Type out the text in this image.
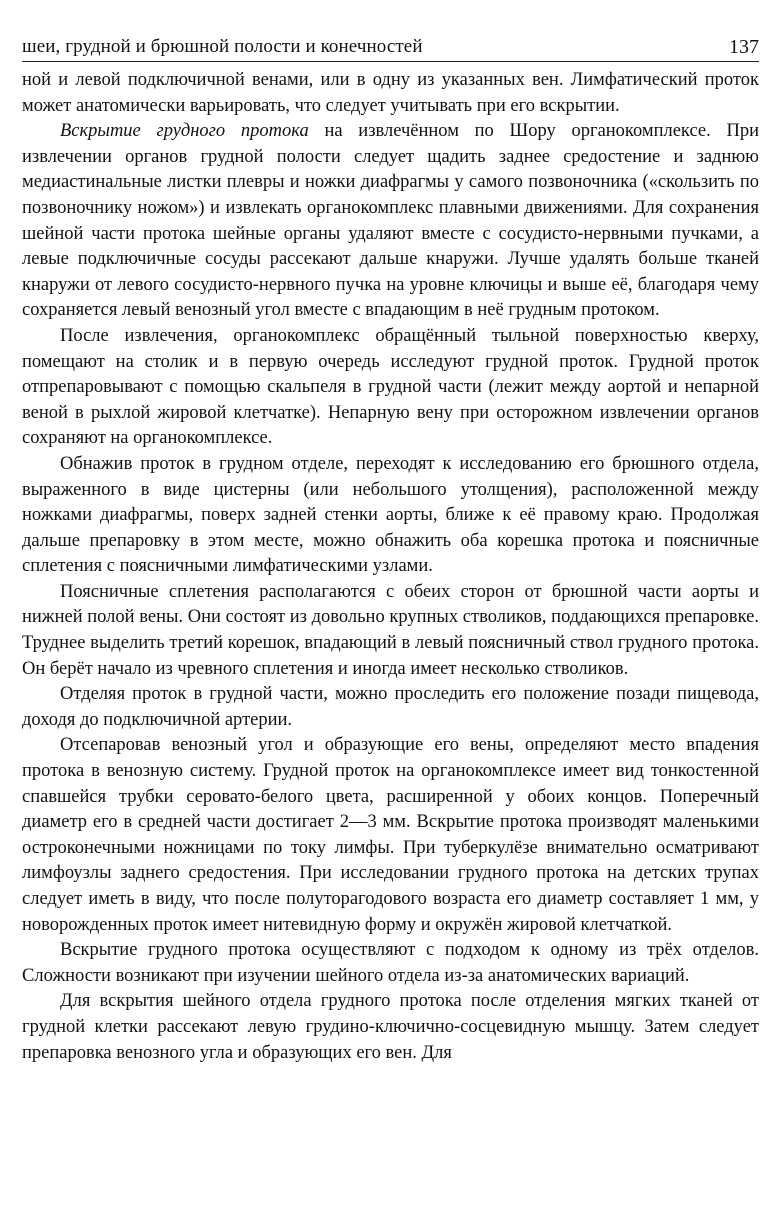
шеи, грудной и брюшной полости и конечностей	137

ной и левой подключичной венами, или в одну из указанных вен. Лимфатический проток может анатомически варьировать, что следует учитывать при его вскрытии.

Вскрытие грудного протока на извлечённом по Шору органокомплексе. При извлечении органов грудной полости следует щадить заднее средостение и заднюю медиастинальные листки плевры и ножки диафрагмы у самого позвоночника («скользить по позвоночнику ножом») и извлекать органокомплекс плавными движениями. Для сохранения шейной части протока шейные органы удаляют вместе с сосудисто-нервными пучками, а левые подключичные сосуды рассекают дальше кнаружи. Лучше удалять больше тканей кнаружи от левого сосудисто-нервного пучка на уровне ключицы и выше её, благодаря чему сохраняется левый венозный угол вместе с впадающим в неё грудным протоком.

После извлечения, органокомплекс обращённый тыльной поверхностью кверху, помещают на столик и в первую очередь исследуют грудной проток. Грудной проток отпрепаровывают с помощью скальпеля в грудной части (лежит между аортой и непарной веной в рыхлой жировой клетчатке). Непарную вену при осторожном извлечении органов сохраняют на органокомплексе.

Обнажив проток в грудном отделе, переходят к исследованию его брюшного отдела, выраженного в виде цистерны (или небольшого утолщения), расположенной между ножками диафрагмы, поверх задней стенки аорты, ближе к её правому краю. Продолжая дальше препаровку в этом месте, можно обнажить оба корешка протока и поясничные сплетения с поясничными лимфатическими узлами.

Поясничные сплетения располагаются с обеих сторон от брюшной части аорты и нижней полой вены. Они состоят из довольно крупных стволиков, поддающихся препаровке. Труднее выделить третий корешок, впадающий в левый поясничный ствол грудного протока. Он берёт начало из чревного сплетения и иногда имеет несколько стволиков.

Отделяя проток в грудной части, можно проследить его положение позади пищевода, доходя до подключичной артерии.

Отсепаровав венозный угол и образующие его вены, определяют место впадения протока в венозную систему. Грудной проток на органокомплексе имеет вид тонкостенной спавшейся трубки серовато-белого цвета, расширенной у обоих концов. Поперечный диаметр его в средней части достигает 2—3 мм. Вскрытие протока производят маленькими остроконечными ножницами по току лимфы. При туберкулёзе внимательно осматривают лимфоузлы заднего средостения. При исследовании грудного протока на детских трупах следует иметь в виду, что после полуторагодового возраста его диаметр составляет 1 мм, у новорожденных проток имеет нитевидную форму и окружён жировой клетчаткой.

Вскрытие грудного протока осуществляют с подходом к одному из трёх отделов. Сложности возникают при изучении шейного отдела из-за анатомических вариаций.

Для вскрытия шейного отдела грудного протока после отделения мягких тканей от грудной клетки рассекают левую грудино-ключично-сосцевидную мышцу. Затем следует препаровка венозного угла и образующих его вен. Для
